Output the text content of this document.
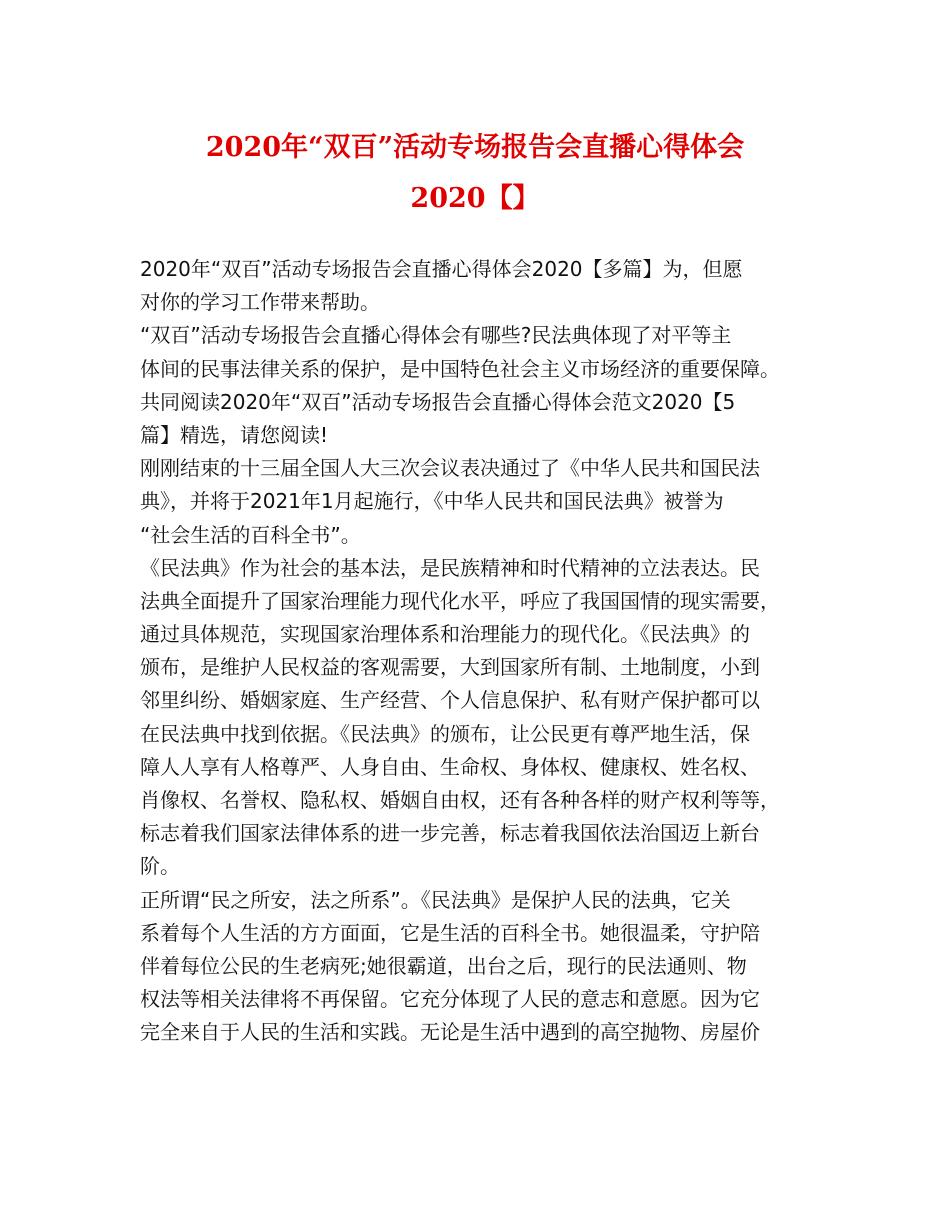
2020年“双百”活动专场报告会直播心得体会
2020【】
2020年“双百”活动专场报告会直播心得体会2020【多篇】为，但愿
对你的学习工作带来帮助。
“双百”活动专场报告会直播心得体会有哪些?民法典体现了对平等主
体间的民事法律关系的保护，是中国特色社会主义市场经济的重要保障。
共同阅读2020年“双百”活动专场报告会直播心得体会范文2020【5
篇】精选，请您阅读!
刚刚结束的十三届全国人大三次会议表决通过了《中华人民共和国民法
典》，并将于2021年1月起施行，《中华人民共和国民法典》被誉为
“社会生活的百科全书”。
《民法典》作为社会的基本法，是民族精神和时代精神的立法表达。民
法典全面提升了国家治理能力现代化水平，呼应了我国国情的现实需要，
通过具体规范，实现国家治理体系和治理能力的现代化。《民法典》的
颁布，是维护人民权益的客观需要，大到国家所有制、土地制度，小到
邻里纠纷、婚姻家庭、生产经营、个人信息保护、私有财产保护都可以
在民法典中找到依据。《民法典》的颁布，让公民更有尊严地生活，保
障人人享有人格尊严、人身自由、生命权、身体权、健康权、姓名权、
肖像权、名誉权、隐私权、婚姻自由权，还有各种各样的财产权利等等，
标志着我们国家法律体系的进一步完善，标志着我国依法治国迈上新台
阶。
正所谓“民之所安，法之所系”。《民法典》是保护人民的法典，它关
系着每个人生活的方方面面，它是生活的百科全书。她很温柔，守护陪
伴着每位公民的生老病死;她很霸道，出台之后，现行的民法通则、物
权法等相关法律将不再保留。它充分体现了人民的意志和意愿。因为它
完全来自于人民的生活和实践。无论是生活中遇到的高空抛物、房屋价
